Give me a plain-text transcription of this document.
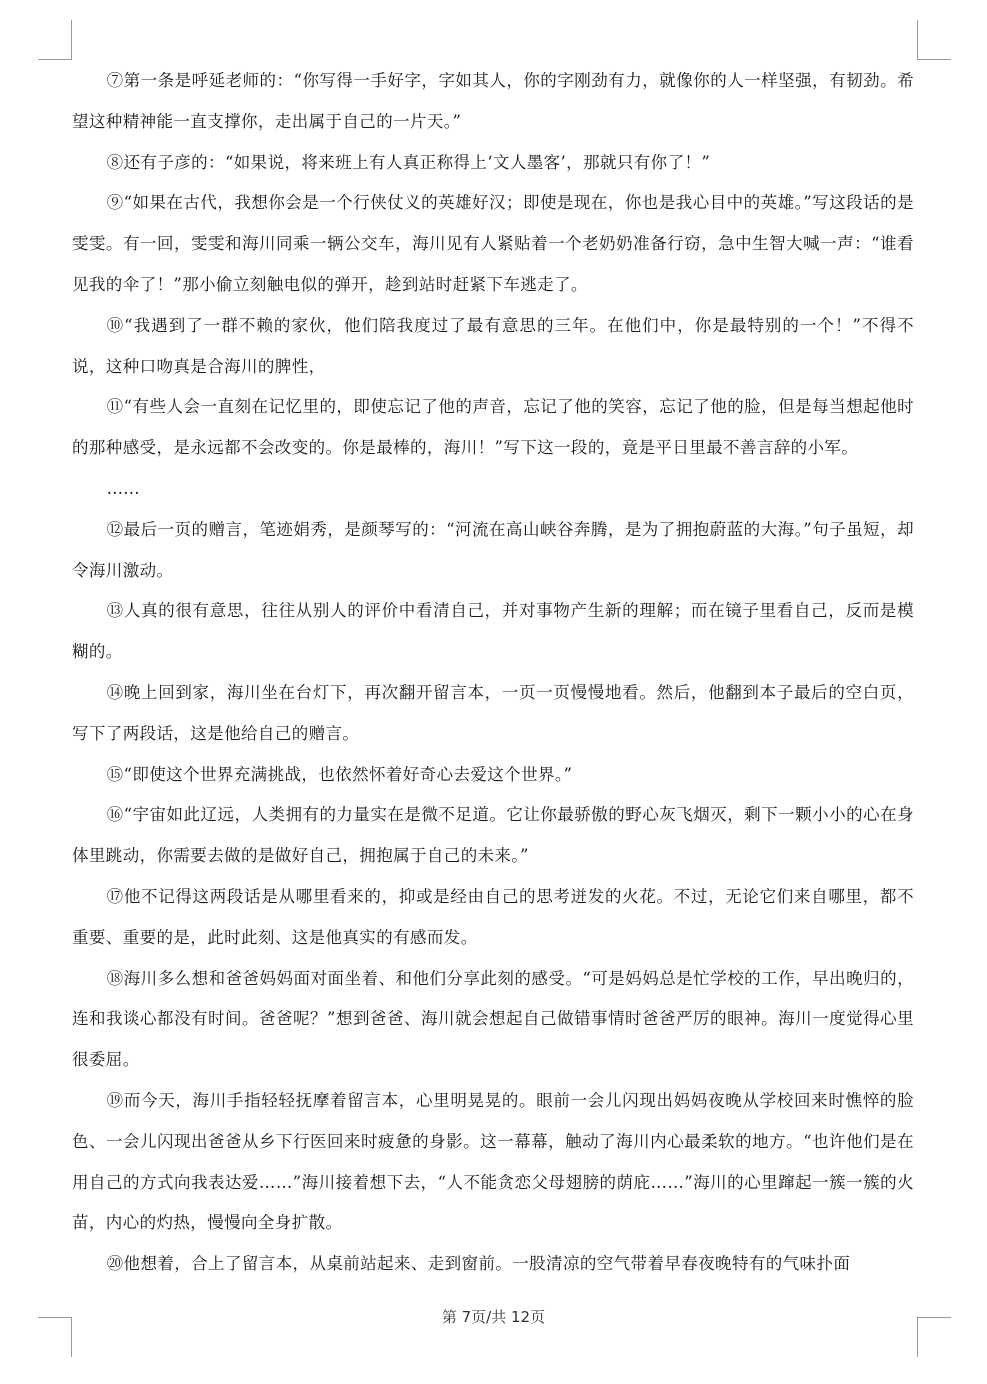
⑦第一条是呼延老师的：“你写得一手好字，字如其人，你的字刚劲有力，就像你的人一样坚强，有韧劲。希望这种精神能一直支撑你，走出属于自己的一片天。”

⑧还有子彦的：“如果说，将来班上有人真正称得上‘文人墨客’，那就只有你了！”

⑨“如果在古代，我想你会是一个行侠仗义的英雄好汉；即使是现在，你也是我心目中的英雄。”写这段话的是雯雯。有一回，雯雯和海川同乘一辆公交车，海川见有人紧贴着一个老奶奶准备行窃，急中生智大喊一声：“谁看见我的伞了！”那小偷立刻触电似的弹开，趁到站时赶紧下车逃走了。

⑩“我遇到了一群不赖的家伙，他们陪我度过了最有意思的三年。在他们中，你是最特别的一个！”不得不说，这种口吻真是合海川的脾性，

⑪“有些人会一直刻在记忆里的，即使忘记了他的声音，忘记了他的笑容，忘记了他的脸，但是每当想起他时的那种感受，是永远都不会改变的。你是最棒的，海川！”写下这一段的，竟是平日里最不善言辞的小军。

……

⑫最后一页的赠言，笔迹娟秀，是颜琴写的：“河流在高山峡谷奔腾，是为了拥抱蔚蓝的大海。”句子虽短，却令海川激动。

⑬人真的很有意思，往往从别人的评价中看清自己，并对事物产生新的理解；而在镜子里看自己，反而是模糊的。

⑭晚上回到家，海川坐在台灯下，再次翻开留言本，一页一页慢慢地看。然后，他翻到本子最后的空白页，写下了两段话，这是他给自己的赠言。

⑮“即使这个世界充满挑战，也依然怀着好奇心去爱这个世界。”

⑯“宇宙如此辽远，人类拥有的力量实在是微不足道。它让你最骄傲的野心灰飞烟灭，剩下一颗小小的心在身体里跳动，你需要去做的是做好自己，拥抱属于自己的未来。”

⑰他不记得这两段话是从哪里看来的，抑或是经由自己的思考迸发的火花。不过，无论它们来自哪里，都不重要、重要的是，此时此刻、这是他真实的有感而发。

⑱海川多么想和爸爸妈妈面对面坐着、和他们分享此刻的感受。“可是妈妈总是忙学校的工作，早出晚归的，连和我谈心都没有时间。爸爸呢？”想到爸爸、海川就会想起自己做错事情时爸爸严厉的眼神。海川一度觉得心里很委屈。

⑲而今天，海川手指轻轻抚摩着留言本，心里明晃晃的。眼前一会儿闪现出妈妈夜晚从学校回来时憔悴的脸色、一会儿闪现出爸爸从乡下行医回来时疲惫的身影。这一幕幕，触动了海川内心最柔软的地方。“也许他们是在用自己的方式向我表达爱……”海川接着想下去，“人不能贪恋父母翅膀的荫庇……”海川的心里蹿起一簇一簇的火苗，内心的灼热，慢慢向全身扩散。

⑳他想着，合上了留言本，从桌前站起来、走到窗前。一股清凉的空气带着早春夜晚特有的气味扑面

第 7页/共 12页
